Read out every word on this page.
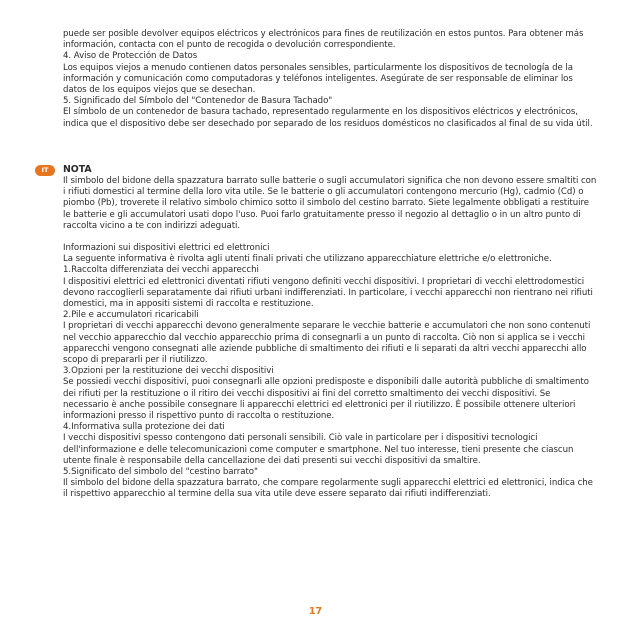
puede ser posible devolver equipos eléctricos y electrónicos para fines de reutilización en estos puntos. Para obtener más información, contacta con el punto de recogida o devolución correspondiente.

4. Aviso de Protección de Datos

Los equipos viejos a menudo contienen datos personales sensibles, particularmente los dispositivos de tecnología de la información y comunicación como computadoras y teléfonos inteligentes. Asegúrate de ser responsable de eliminar los datos de los equipos viejos que se desechan.

5. Significado del Símbolo del "Contenedor de Basura Tachado"

El símbolo de un contenedor de basura tachado, representado regularmente en los dispositivos eléctricos y electrónicos, indica que el dispositivo debe ser desechado por separado de los residuos domésticos no clasificados al final de su vida útil.

IT	NOTA

Il simbolo del bidone della spazzatura barrato sulle batterie o sugli accumulatori significa che non devono essere smaltiti con i rifiuti domestici al termine della loro vita utile. Se le batterie o gli accumulatori contengono mercurio (Hg), cadmio (Cd) o piombo (Pb), troverete il relativo simbolo chimico sotto il simbolo del cestino barrato. Siete legalmente obbligati a restituire le batterie e gli accumulatori usati dopo l'uso. Puoi farlo gratuitamente presso il negozio al dettaglio o in un altro punto di raccolta vicino a te con indirizzi adeguati.

Informazioni sui dispositivi elettrici ed elettronici

La seguente informativa è rivolta agli utenti finali privati che utilizzano apparecchiature elettriche e/o elettroniche.

1.Raccolta differenziata dei vecchi apparecchi

I dispositivi elettrici ed elettronici diventati rifiuti vengono definiti vecchi dispositivi. I proprietari di vecchi elettrodomestici devono raccoglierli separatamente dai rifiuti urbani indifferenziati. In particolare, i vecchi apparecchi non rientrano nei rifiuti domestici, ma in appositi sistemi di raccolta e restituzione.

2.Pile e accumulatori ricaricabili

I proprietari di vecchi apparecchi devono generalmente separare le vecchie batterie e accumulatori che non sono contenuti nel vecchio apparecchio dal vecchio apparecchio prima di consegnarli a un punto di raccolta. Ciò non si applica se i vecchi apparecchi vengono consegnati alle aziende pubbliche di smaltimento dei rifiuti e li separati da altri vecchi apparecchi allo scopo di prepararli per il riutilizzo.

3.Opzioni per la restituzione dei vecchi dispositivi

Se possiedi vecchi dispositivi, puoi consegnarli alle opzioni predisposte e disponibili dalle autorità pubbliche di smaltimento dei rifiuti per la restituzione o il ritiro dei vecchi dispositivi ai fini del corretto smaltimento dei vecchi dispositivi. Se necessario è anche possibile consegnare li apparecchi elettrici ed elettronici per il riutilizzo. È possibile ottenere ulteriori informazioni presso il rispettivo punto di raccolta o restituzione.

4.Informativa sulla protezione dei dati

I vecchi dispositivi spesso contengono dati personali sensibili. Ciò vale in particolare per i dispositivi tecnologici dell'informazione e delle telecomunicazioni come computer e smartphone. Nel tuo interesse, tieni presente che ciascun utente finale è responsabile della cancellazione dei dati presenti sui vecchi dispositivi da smaltire.

5.Significato del simbolo del "cestino barrato"

Il simbolo del bidone della spazzatura barrato, che compare regolarmente sugli apparecchi elettrici ed elettronici, indica che il rispettivo apparecchio al termine della sua vita utile deve essere separato dai rifiuti indifferenziati.

17
